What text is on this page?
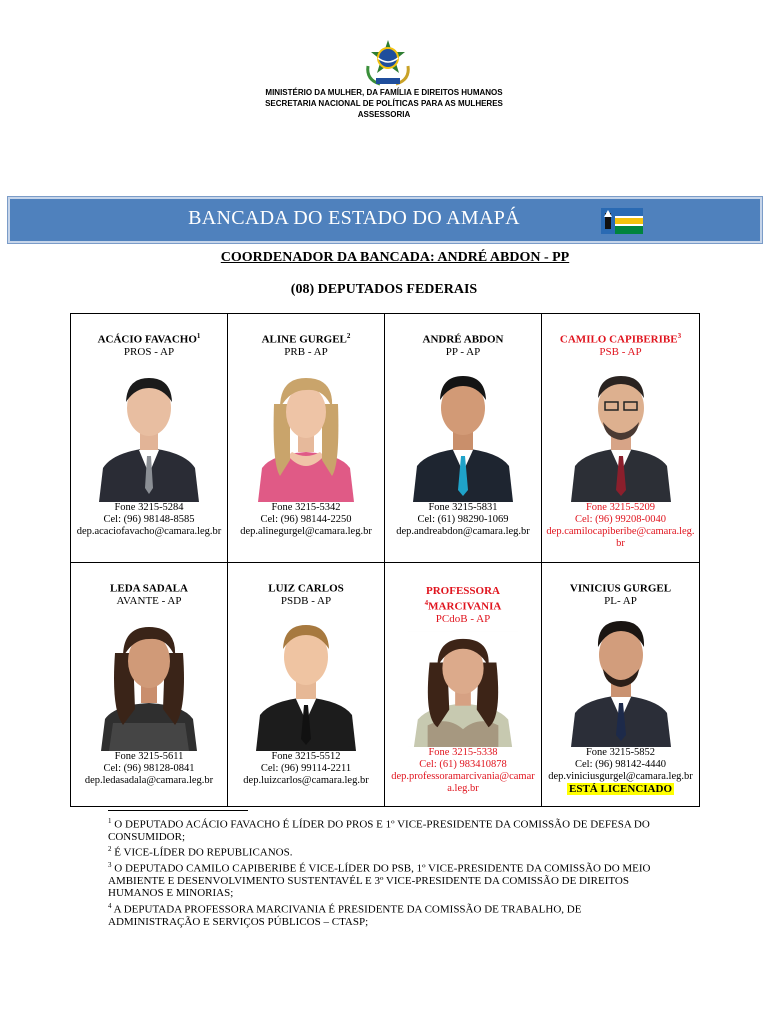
MINISTÉRIO DA MULHER, DA FAMÍLIA E DIREITOS HUMANOS
SECRETARIA NACIONAL DE POLÍTICAS PARA AS MULHERES
ASSESSORIA
BANCADA DO ESTADO DO AMAPÁ
COORDENADOR DA BANCADA: ANDRÉ ABDON - PP
(08) DEPUTADOS FEDERAIS
ACÁCIO FAVACHO$^1$
PROS - AP
Fone 3215-5284
Cel: (96) 98148-8585
dep.acaciofavacho@camara.leg.br
ALINE GURGEL$^2$
PRB - AP
Fone 3215-5342
Cel: (96) 98144-2250
dep.alinegurgel@camara.leg.br
ANDRÉ ABDON
PP - AP
Fone 3215-5831
Cel: (61) 98290-1069
dep.andreabdon@camara.leg.br
CAMILO CAPIBERIBE$^3$
PSB - AP
Fone 3215-5209
Cel: (96) 99208-0040
dep.camilocapiberibe@camara.leg.br
LEDA SADALA
AVANTE - AP
Fone 3215-5611
Cel: (96) 98128-0841
dep.ledasadala@camara.leg.br
LUIZ CARLOS
PSDB - AP
Fone 3215-5512
Cel: (96) 99114-2211
dep.luizcarlos@camara.leg.br
PROFESSORA
$^4$MARCIVANIA
PCdoB - AP
Fone 3215-5338
Cel: (61) 983410878
dep.professoramarcivania@camara.leg.br
VINICIUS GURGEL
PL- AP
Fone 3215-5852
Cel: (96) 98142-4440
dep.viniciusgurgel@camara.leg.br
ESTÁ LICENCIADO
$^1$ O DEPUTADO ACÁCIO FAVACHO É LÍDER DO PROS E 1º VICE-PRESIDENTE DA COMISSÃO DE DEFESA DO CONSUMIDOR;
$^2$ É VICE-LÍDER DO REPUBLICANOS.
$^3$ O DEPUTADO CAMILO CAPIBERIBE É VICE-LÍDER DO PSB, 1º VICE-PRESIDENTE DA COMISSÃO DO MEIO AMBIENTE E DESENVOLVIMENTO SUSTENTAVÉL E 3º VICE-PRESIDENTE DA COMISSÃO DE DIREITOS HUMANOS E MINORIAS;
$^4$ A DEPUTADA PROFESSORA MARCIVANIA É PRESIDENTE DA COMISSÃO DE TRABALHO, DE ADMINISTRAÇÃO E SERVIÇOS PÚBLICOS – CTASP;
